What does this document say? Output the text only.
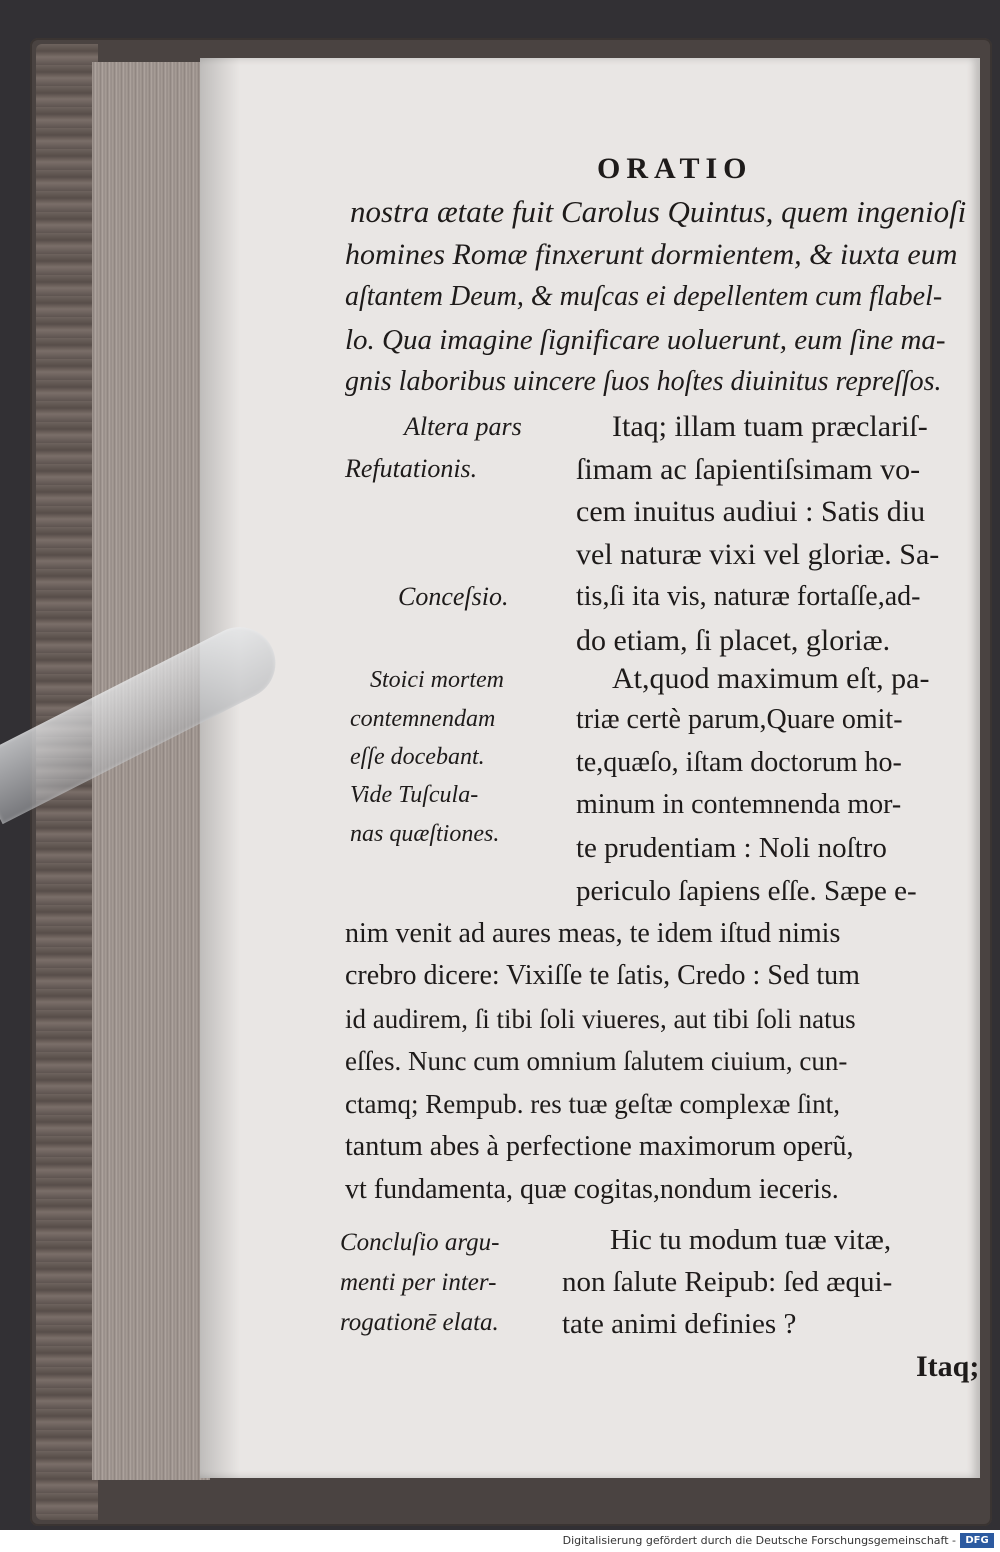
ORATIO
nostra ætate fuit Carolus Quintus, quem ingenioſi
homines Romæ finxerunt dormientem, & iuxta eum
aſtantem Deum, & muſcas ei depellentem cum flabel-
lo. Qua imagine ſignificare uoluerunt, eum ſine ma-
gnis laboribus uincere ſuos hoſtes diuinitus repreſſos.
Altera pars
Refutationis.
Itaq; illam tuam præclariſ-
ſimam ac ſapientiſsimam vo-
cem inuitus audiui : Satis diu
vel naturæ vixi vel gloriæ. Sa-
tis,ſi ita vis, naturæ fortaſſe,ad-
do etiam, ſi placet, gloriæ.
Conceſsio.
Stoici mortem
contemnendam
eſſe docebant.
Vide Tuſcula-
nas quæſtiones.
At,quod maximum eſt, pa-
triæ certè parum,Quare omit-
te,quæſo, iſtam doctorum ho-
minum in contemnenda mor-
te prudentiam : Noli noſtro
periculo ſapiens eſſe. Sæpe e-
nim venit ad aures meas, te idem iſtud nimis
crebro dicere: Vixiſſe te ſatis, Credo : Sed tum
id audirem, ſi tibi ſoli viueres, aut tibi ſoli natus
eſſes. Nunc cum omnium ſalutem ciuium, cun-
ctamq; Rempub. res tuæ geſtæ complexæ ſint,
tantum abes à perfectione maximorum operũ,
vt fundamenta, quæ cogitas,nondum ieceris.
Concluſio argu-
menti per inter-
rogationē elata.
Hic tu modum tuæ vitæ,
non ſalute Reipub: ſed æqui-
tate animi definies ?
Itaq;
Digitalisierung gefördert durch die Deutsche Forschungsgemeinschaft - DFG
